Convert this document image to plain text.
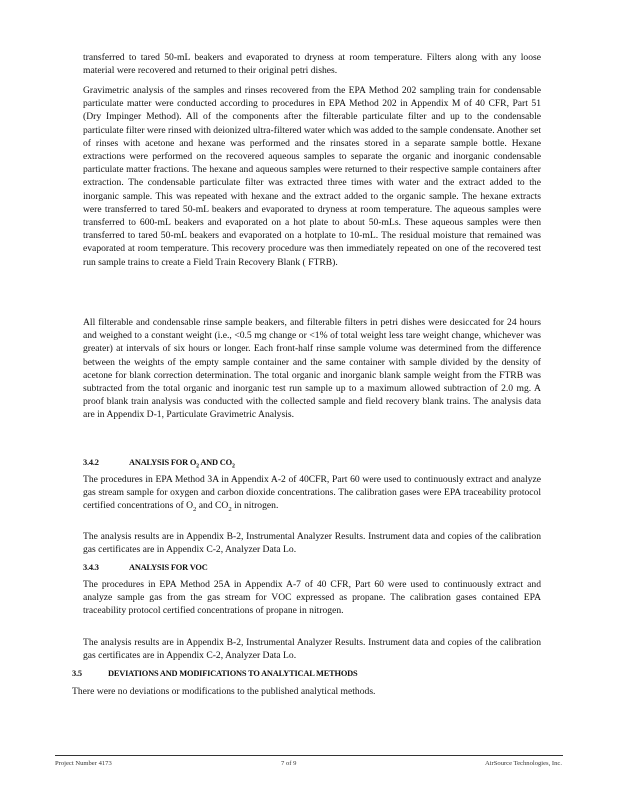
transferred to tared 50-mL beakers and evaporated to dryness at room temperature. Filters along with any loose material were recovered and returned to their original petri dishes.

Gravimetric analysis of the samples and rinses recovered from the EPA Method 202 sampling train for condensable particulate matter were conducted according to procedures in EPA Method 202 in Appendix M of 40 CFR, Part 51 (Dry Impinger Method). All of the components after the filterable particulate filter and up to the condensable particulate filter were rinsed with deionized ultra-filtered water which was added to the sample condensate. Another set of rinses with acetone and hexane was performed and the rinsates stored in a separate sample bottle. Hexane extractions were performed on the recovered aqueous samples to separate the organic and inorganic condensable particulate matter fractions. The hexane and aqueous samples were returned to their respective sample containers after extraction. The condensable particulate filter was extracted three times with water and the extract added to the inorganic sample. This was repeated with hexane and the extract added to the organic sample. The hexane extracts were transferred to tared 50-mL beakers and evaporated to dryness at room temperature. The aqueous samples were transferred to 600-mL beakers and evaporated on a hot plate to about 50-mLs. These aqueous samples were then transferred to tared 50-mL beakers and evaporated on a hotplate to 10-mL. The residual moisture that remained was evaporated at room temperature. This recovery procedure was then immediately repeated on one of the recovered test run sample trains to create a Field Train Recovery Blank ( FTRB).

All filterable and condensable rinse sample beakers, and filterable filters in petri dishes were desiccated for 24 hours and weighed to a constant weight (i.e., <0.5 mg change or <1% of total weight less tare weight change, whichever was greater) at intervals of six hours or longer. Each front-half rinse sample volume was determined from the difference between the weights of the empty sample container and the same container with sample divided by the density of acetone for blank correction determination. The total organic and inorganic blank sample weight from the FTRB was subtracted from the total organic and inorganic test run sample up to a maximum allowed subtraction of 2.0 mg. A proof blank train analysis was conducted with the collected sample and field recovery blank trains. The analysis data are in Appendix D-1, Particulate Gravimetric Analysis.

3.4.2	ANALYSIS FOR $O_2$ AND $CO_2$

The procedures in EPA Method 3A in Appendix A-2 of 40CFR, Part 60 were used to continuously extract and analyze gas stream sample for oxygen and carbon dioxide concentrations. The calibration gases were EPA traceability protocol certified concentrations of $O_2$ and $CO_2$ in nitrogen.

The analysis results are in Appendix B-2, Instrumental Analyzer Results. Instrument data and copies of the calibration gas certificates are in Appendix C-2, Analyzer Data Lo.

3.4.3	ANALYSIS FOR VOC

The procedures in EPA Method 25A in Appendix A-7 of 40 CFR, Part 60 were used to continuously extract and analyze sample gas from the gas stream for VOC expressed as propane. The calibration gases contained EPA traceability protocol certified concentrations of propane in nitrogen.

The analysis results are in Appendix B-2, Instrumental Analyzer Results. Instrument data and copies of the calibration gas certificates are in Appendix C-2, Analyzer Data Lo.

3.5	DEVIATIONS AND MODIFICATIONS TO ANALYTICAL METHODS

There were no deviations or modifications to the published analytical methods.

Project Number 4173	7 of 9	AirSource Technologies, Inc.
